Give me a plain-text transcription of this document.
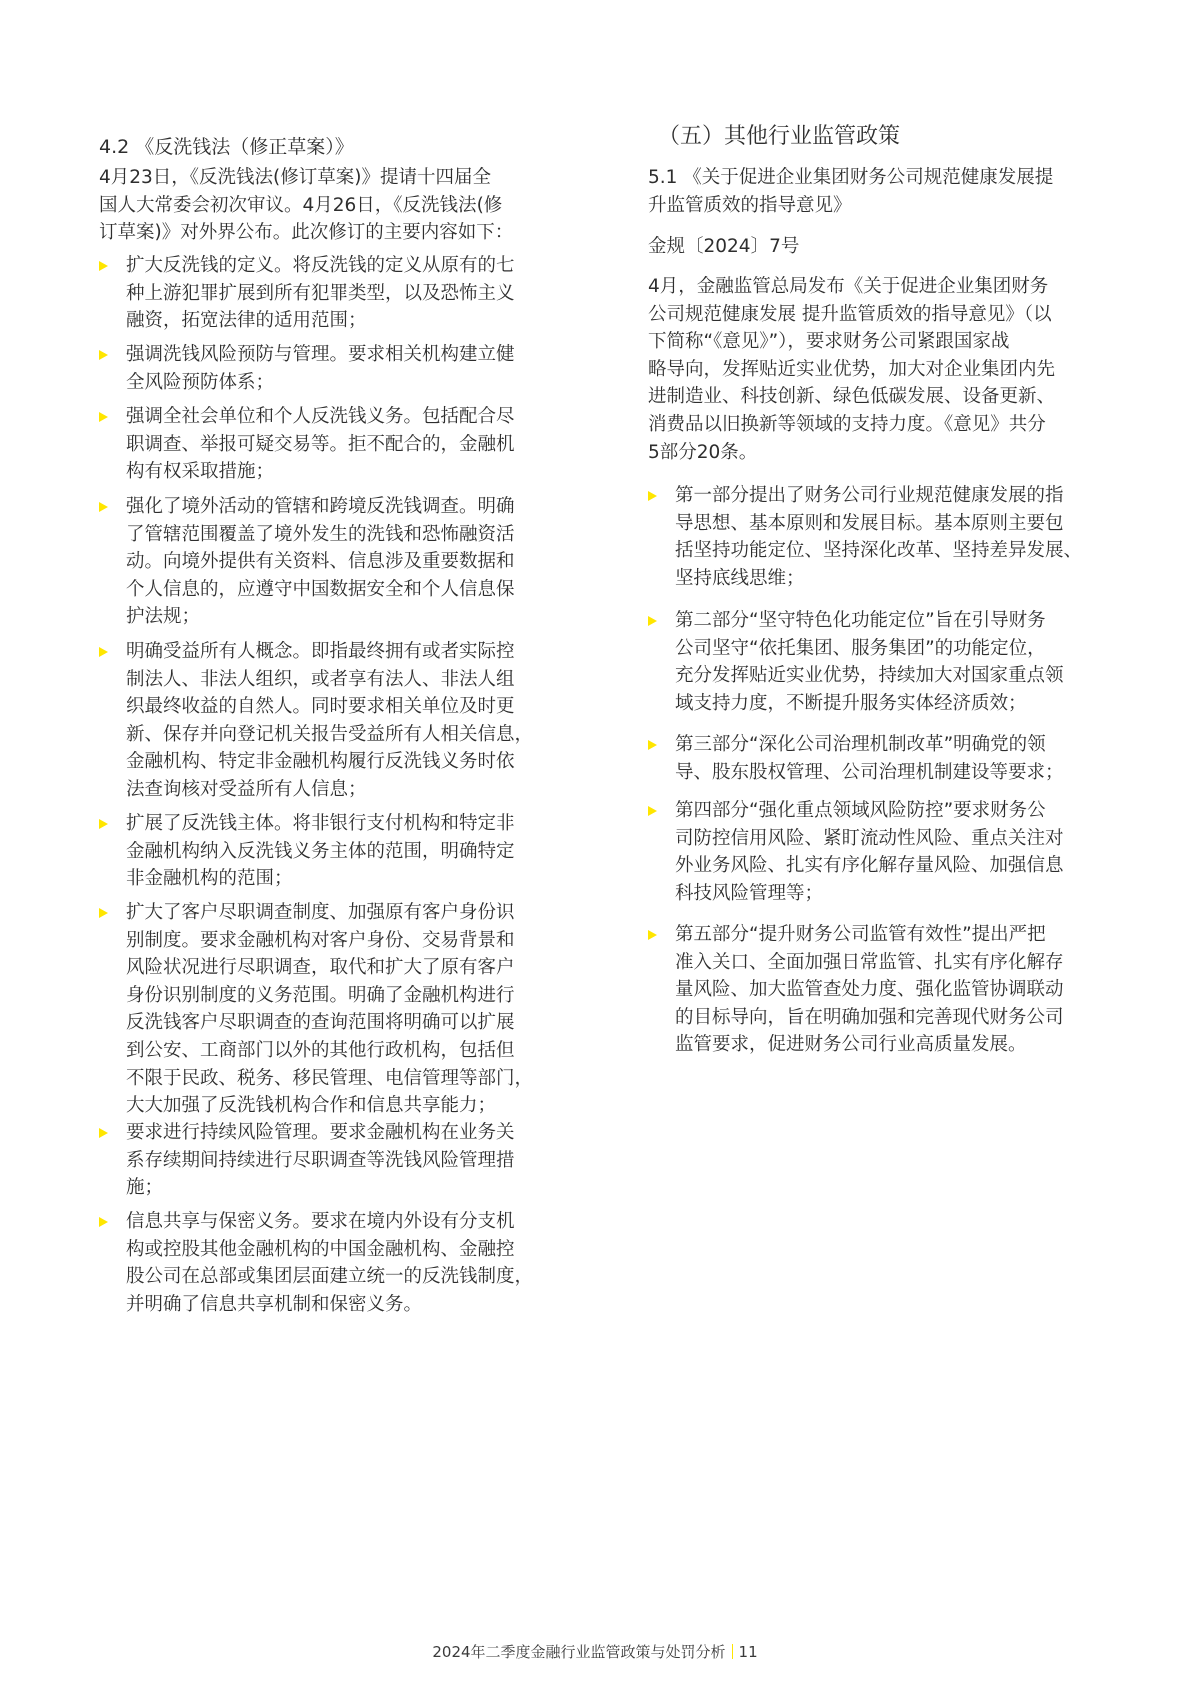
4.2 《反洗钱法（修正草案）》

4月23日，《反洗钱法(修订草案)》提请十四届全
国人大常委会初次审议。4月26日，《反洗钱法(修
订草案)》对外界公布。此次修订的主要内容如下：

扩大反洗钱的定义。将反洗钱的定义从原有的七
种上游犯罪扩展到所有犯罪类型，以及恐怖主义
融资，拓宽法律的适用范围；
强调洗钱风险预防与管理。要求相关机构建立健
全风险预防体系；
强调全社会单位和个人反洗钱义务。包括配合尽
职调查、举报可疑交易等。拒不配合的，金融机
构有权采取措施；
强化了境外活动的管辖和跨境反洗钱调查。明确
了管辖范围覆盖了境外发生的洗钱和恐怖融资活
动。向境外提供有关资料、信息涉及重要数据和
个人信息的，应遵守中国数据安全和个人信息保
护法规；
明确受益所有人概念。即指最终拥有或者实际控
制法人、非法人组织，或者享有法人、非法人组
织最终收益的自然人。同时要求相关单位及时更
新、保存并向登记机关报告受益所有人相关信息，
金融机构、特定非金融机构履行反洗钱义务时依
法查询核对受益所有人信息；
扩展了反洗钱主体。将非银行支付机构和特定非
金融机构纳入反洗钱义务主体的范围，明确特定
非金融机构的范围；
扩大了客户尽职调查制度、加强原有客户身份识
别制度。要求金融机构对客户身份、交易背景和
风险状况进行尽职调查，取代和扩大了原有客户
身份识别制度的义务范围。明确了金融机构进行
反洗钱客户尽职调查的查询范围将明确可以扩展
到公安、工商部门以外的其他行政机构，包括但
不限于民政、税务、移民管理、电信管理等部门，
大大加强了反洗钱机构合作和信息共享能力；
要求进行持续风险管理。要求金融机构在业务关
系存续期间持续进行尽职调查等洗钱风险管理措
施；
信息共享与保密义务。要求在境内外设有分支机
构或控股其他金融机构的中国金融机构、金融控
股公司在总部或集团层面建立统一的反洗钱制度，
并明确了信息共享机制和保密义务。
（五）其他行业监管政策

5.1 《关于促进企业集团财务公司规范健康发展提
升监管质效的指导意见》

金规〔2024〕7号

4月，金融监管总局发布《关于促进企业集团财务
公司规范健康发展 提升监管质效的指导意见》（以
下简称“《意见》”），要求财务公司紧跟国家战
略导向，发挥贴近实业优势，加大对企业集团内先
进制造业、科技创新、绿色低碳发展、设备更新、
消费品以旧换新等领域的支持力度。《意见》共分
5部分20条。

第一部分提出了财务公司行业规范健康发展的指
导思想、基本原则和发展目标。基本原则主要包
括坚持功能定位、坚持深化改革、坚持差异发展、
坚持底线思维；
第二部分“坚守特色化功能定位”旨在引导财务
公司坚守“依托集团、服务集团”的功能定位，
充分发挥贴近实业优势，持续加大对国家重点领
域支持力度，不断提升服务实体经济质效；
第三部分“深化公司治理机制改革”明确党的领
导、股东股权管理、公司治理机制建设等要求；
第四部分“强化重点领域风险防控”要求财务公
司防控信用风险、紧盯流动性风险、重点关注对
外业务风险、扎实有序化解存量风险、加强信息
科技风险管理等；
第五部分“提升财务公司监管有效性”提出严把
准入关口、全面加强日常监管、扎实有序化解存
量风险、加大监管查处力度、强化监管协调联动
的目标导向，旨在明确加强和完善现代财务公司
监管要求，促进财务公司行业高质量发展。
2024年二季度金融行业监管政策与处罚分析 11
